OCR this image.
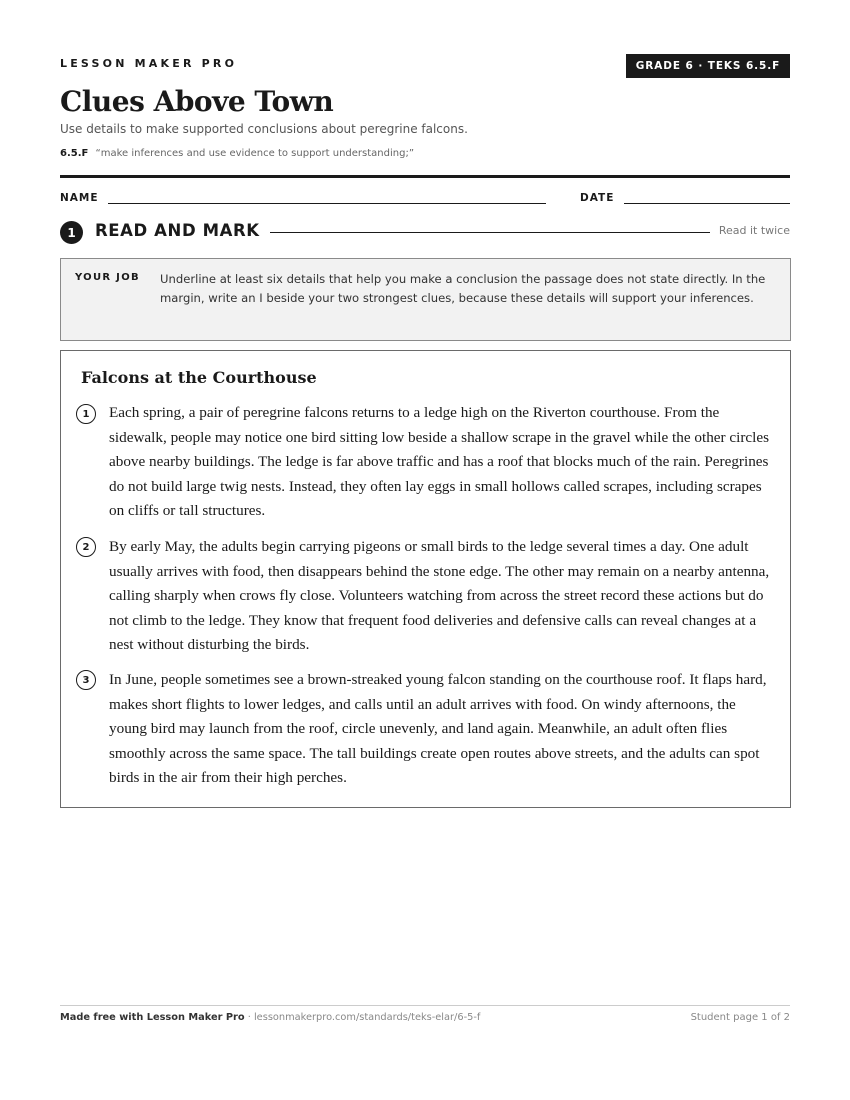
LESSON MAKER PRO	GRADE 6 · TEKS 6.5.F
Clues Above Town
Use details to make supported conclusions about peregrine falcons.
6.5.F “make inferences and use evidence to support understanding;”
NAME	DATE
1	READ AND MARK	Read it twice
YOUR JOB Underline at least six details that help you make a conclusion the passage does not state directly. In the margin, write an I beside your two strongest clues, because these details will support your inferences.
Falcons at the Courthouse
1	Each spring, a pair of peregrine falcons returns to a ledge high on the Riverton courthouse. From the sidewalk, people may notice one bird sitting low beside a shallow scrape in the gravel while the other circles above nearby buildings. The ledge is far above traffic and has a roof that blocks much of the rain. Peregrines do not build large twig nests. Instead, they often lay eggs in small hollows called scrapes, including scrapes on cliffs or tall structures.

2	By early May, the adults begin carrying pigeons or small birds to the ledge several times a day. One adult usually arrives with food, then disappears behind the stone edge. The other may remain on a nearby antenna, calling sharply when crows fly close. Volunteers watching from across the street record these actions but do not climb to the ledge. They know that frequent food deliveries and defensive calls can reveal changes at a nest without disturbing the birds.

3	In June, people sometimes see a brown-streaked young falcon standing on the courthouse roof. It flaps hard, makes short flights to lower ledges, and calls until an adult arrives with food. On windy afternoons, the young bird may launch from the roof, circle unevenly, and land again. Meanwhile, an adult often flies smoothly across the same space. The tall buildings create open routes above streets, and the adults can spot birds in the air from their high perches.

Made free with Lesson Maker Pro · lessonmakerpro.com/standards/teks-elar/6-5-f	Student page 1 of 2
